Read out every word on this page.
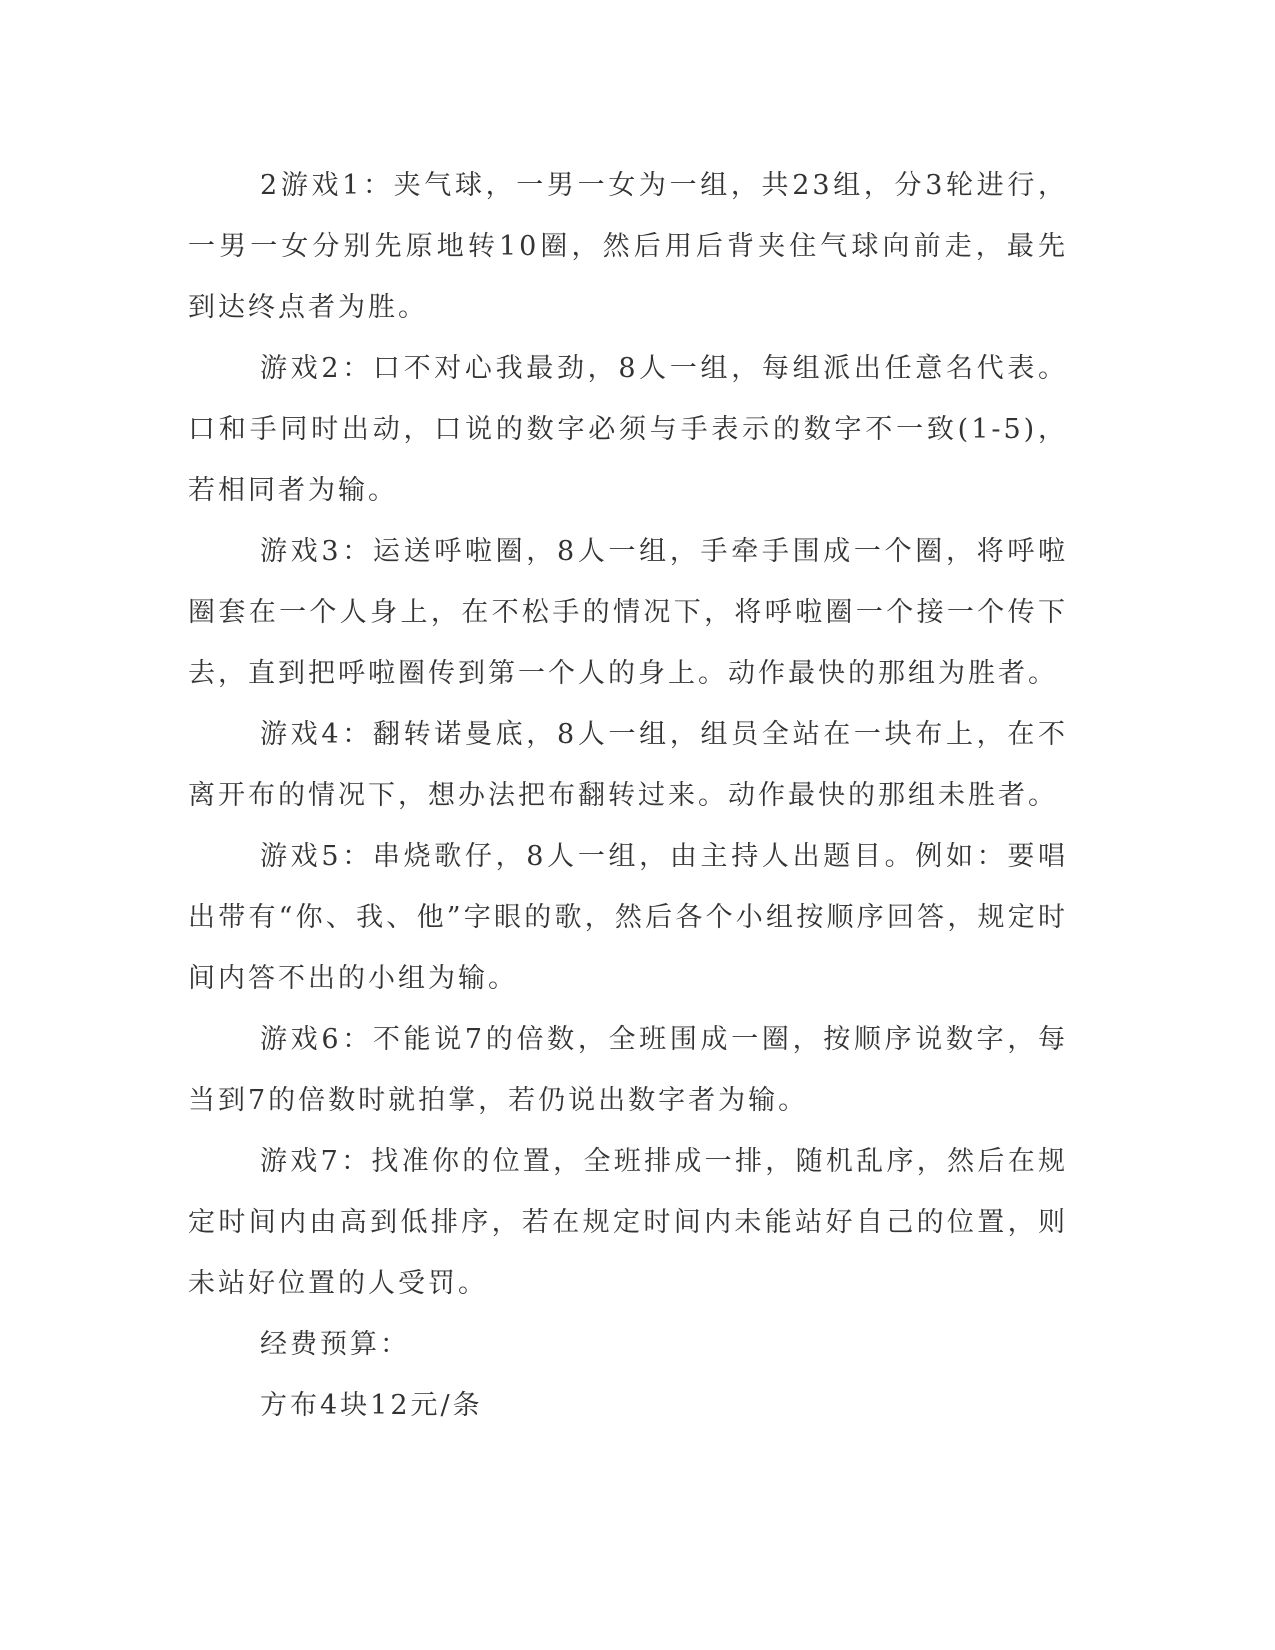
2游戏1：夹气球，一男一女为一组，共23组，分3轮进行，一男一女分别先原地转10圈，然后用后背夹住气球向前走，最先到达终点者为胜。

游戏2：口不对心我最劲，8人一组，每组派出任意名代表。口和手同时出动，口说的数字必须与手表示的数字不一致(1-5)，若相同者为输。

游戏3：运送呼啦圈，8人一组，手牵手围成一个圈，将呼啦圈套在一个人身上，在不松手的情况下，将呼啦圈一个接一个传下去，直到把呼啦圈传到第一个人的身上。动作最快的那组为胜者。

游戏4：翻转诺曼底，8人一组，组员全站在一块布上，在不离开布的情况下，想办法把布翻转过来。动作最快的那组未胜者。

游戏5：串烧歌仔，8人一组，由主持人出题目。例如：要唱出带有“你、我、他”字眼的歌，然后各个小组按顺序回答，规定时间内答不出的小组为输。

游戏6：不能说7的倍数，全班围成一圈，按顺序说数字，每当到7的倍数时就拍掌，若仍说出数字者为输。

游戏7：找准你的位置，全班排成一排，随机乱序，然后在规定时间内由高到低排序，若在规定时间内未能站好自己的位置，则未站好位置的人受罚。

经费预算：

方布4块12元/条
